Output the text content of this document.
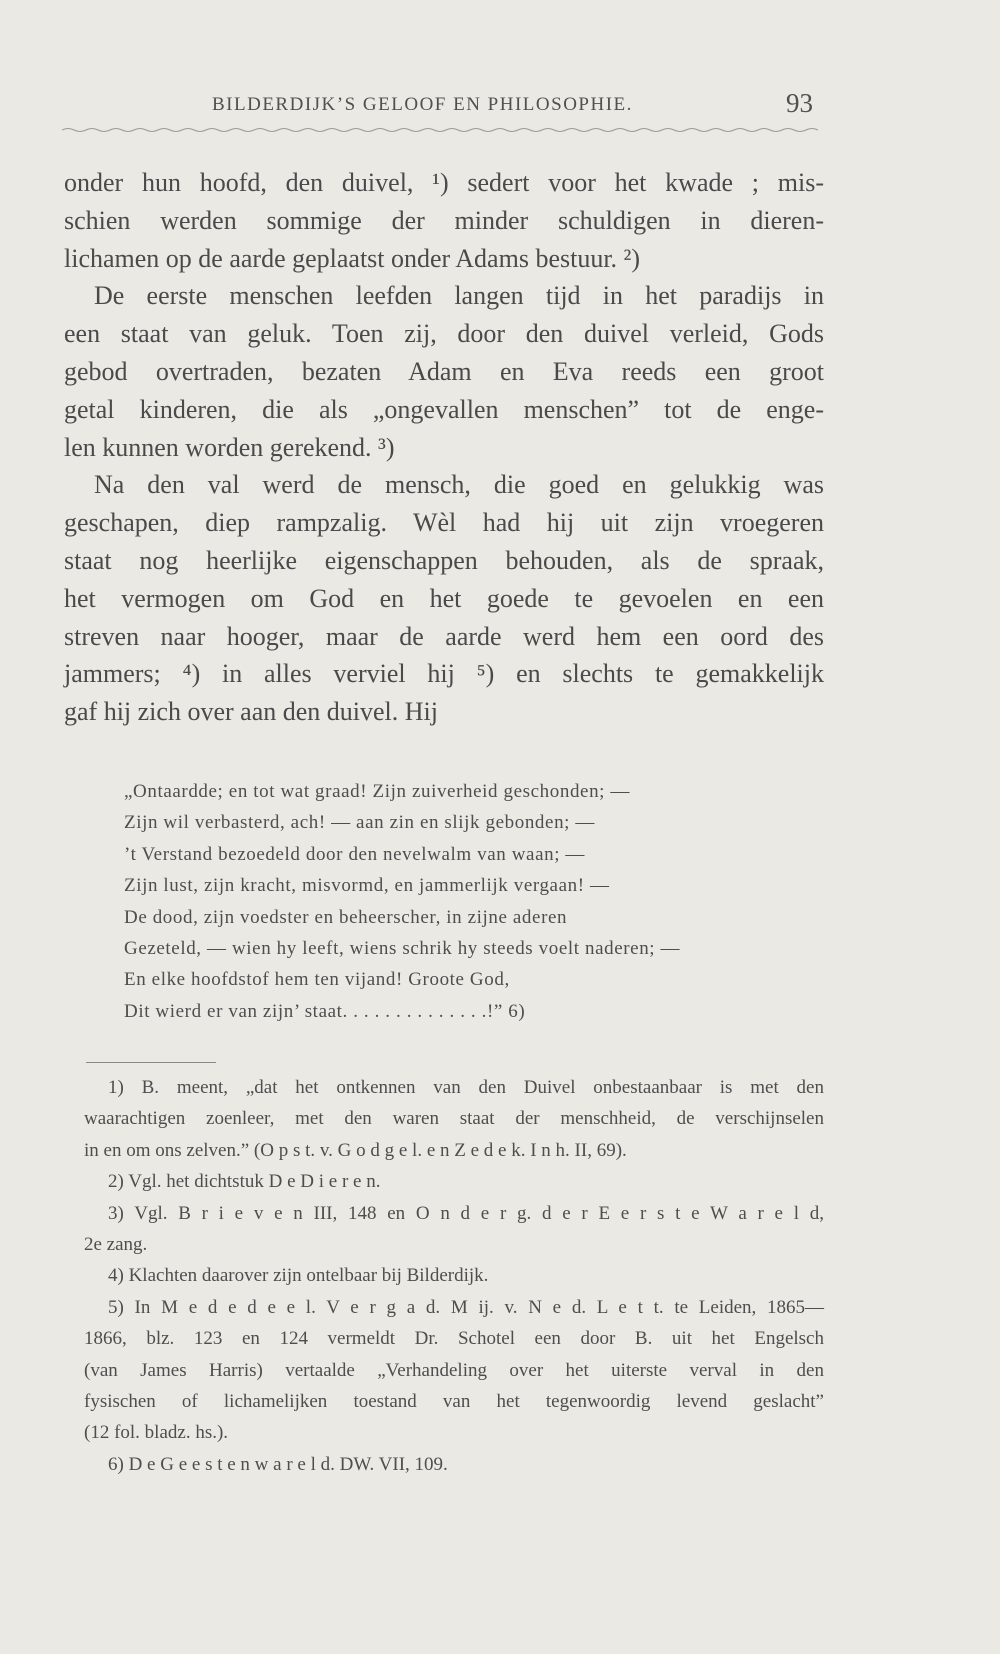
BILDERDIJK’S GELOOF EN PHILOSOPHIE.	93
onder hun hoofd, den duivel, ¹) sedert voor het kwade ; mis-
schien werden sommige der minder schuldigen in dieren-
lichamen op de aarde geplaatst onder Adams bestuur. ²)
De eerste menschen leefden langen tijd in het paradijs in
een staat van geluk. Toen zij, door den duivel verleid, Gods
gebod overtraden, bezaten Adam en Eva reeds een groot
getal kinderen, die als „ongevallen menschen” tot de enge-
len kunnen worden gerekend. ³)
Na den val werd de mensch, die goed en gelukkig was
geschapen, diep rampzalig. Wèl had hij uit zijn vroegeren
staat nog heerlijke eigenschappen behouden, als de spraak,
het vermogen om God en het goede te gevoelen en een
streven naar hooger, maar de aarde werd hem een oord des
jammers; ⁴) in alles verviel hij ⁵) en slechts te gemakkelijk
gaf hij zich over aan den duivel. Hij
„Ontaardde; en tot wat graad! Zijn zuiverheid geschonden; —
Zijn wil verbasterd, ach! — aan zin en slijk gebonden; —
’t Verstand bezoedeld door den nevelwalm van waan; —
Zijn lust, zijn kracht, misvormd, en jammerlijk vergaan! —
De dood, zijn voedster en beheerscher, in zijne aderen
Gezeteld, — wien hy leeft, wiens schrik hy steeds voelt naderen; —
En elke hoofdstof hem ten vijand! Groote God,
Dit wierd er van zijn’ staat. . . . . . . . . . . . . .!” 6)
1) B. meent, „dat het ontkennen van den Duivel onbestaanbaar is met den
waarachtigen zoenleer, met den waren staat der menschheid, de verschijnselen
in en om ons zelven.” (O p s t. v. G o d g e l. e n Z e d e k. I n h. II, 69).
2) Vgl. het dichtstuk D e D i e r e n.
3) Vgl. B r i e v e n III, 148 en O n d e r g. d e r E e r s t e W a r e l d,
2e zang.
4) Klachten daarover zijn ontelbaar bij Bilderdijk.
5) In M e d e d e e l. V e r g a d. M ij. v. N e d. L e t t. te Leiden, 1865—
1866, blz. 123 en 124 vermeldt Dr. Schotel een door B. uit het Engelsch
(van James Harris) vertaalde „Verhandeling over het uiterste verval in den
fysischen of lichamelijken toestand van het tegenwoordig levend geslacht”
(12 fol. bladz. hs.).
6) D e G e e s t e n w a r e l d. DW. VII, 109.
